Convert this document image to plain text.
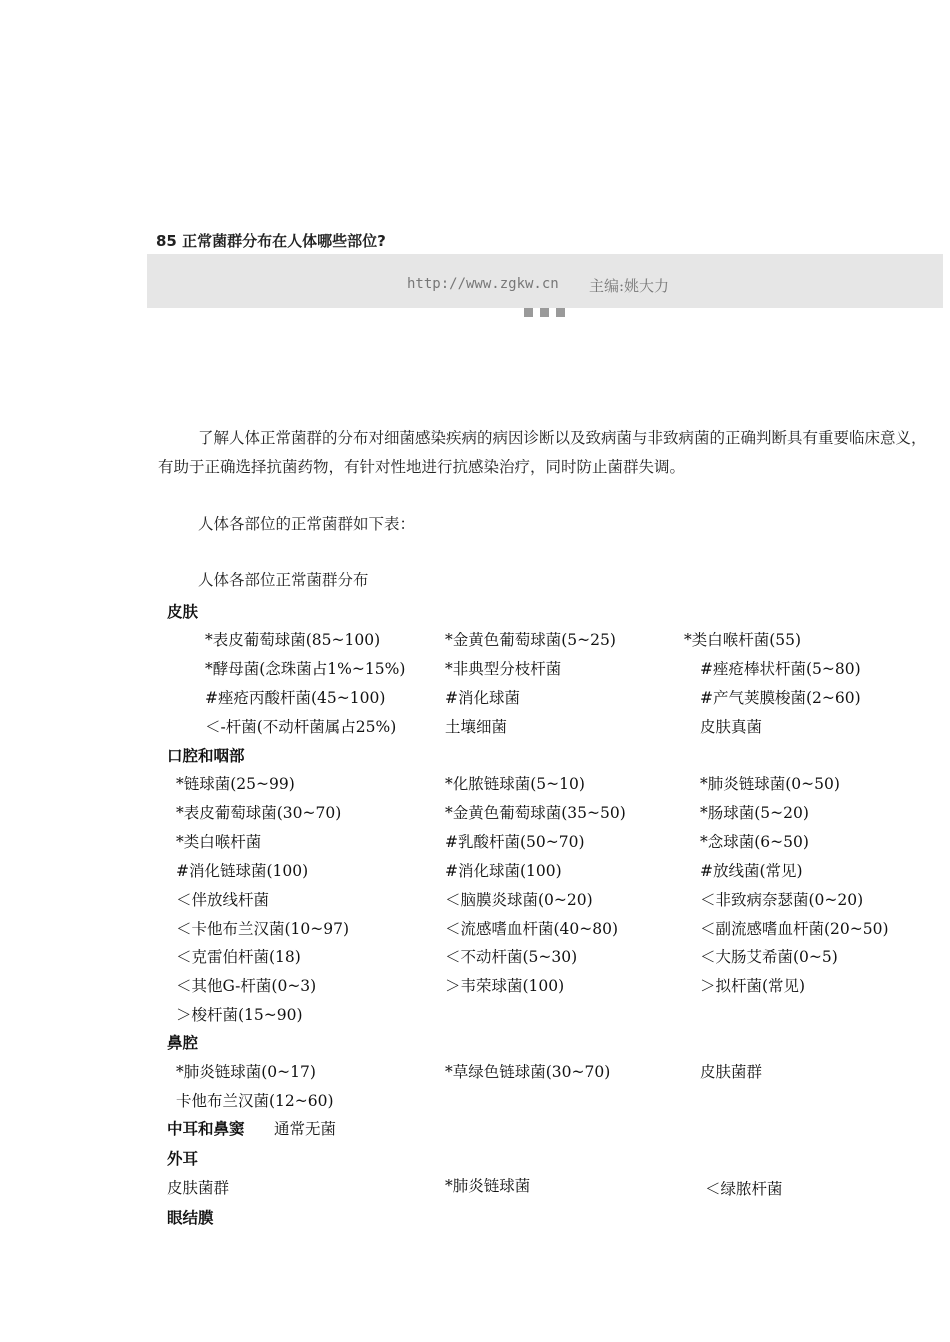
85 正常菌群分布在人体哪些部位?
http://www.zgkw.cn 主编:姚大力
了解人体正常菌群的分布对细菌感染疾病的病因诊断以及致病菌与非致病菌的正确判断具有重要临床意义，有助于正确选择抗菌药物，有针对性地进行抗感染治疗，同时防止菌群失调。
人体各部位的正常菌群如下表：
人体各部位正常菌群分布
皮肤
*表皮葡萄球菌(85~100)	*金黄色葡萄球菌(5~25)	*类白喉杆菌(55)
*酵母菌(念珠菌占1%~15%)	*非典型分枝杆菌	#痤疮棒状杆菌(5~80)
#痤疮丙酸杆菌(45~100)	#消化球菌	#产气荚膜梭菌(2~60)
＜-杆菌(不动杆菌属占25%)	土壤细菌	皮肤真菌
口腔和咽部
*链球菌(25~99)	*化脓链球菌(5~10)	*肺炎链球菌(0~50)
*表皮葡萄球菌(30~70)	*金黄色葡萄球菌(35~50)	*肠球菌(5~20)
*类白喉杆菌	#乳酸杆菌(50~70)	*念球菌(6~50)
#消化链球菌(100)	#消化球菌(100)	#放线菌(常见)
＜伴放线杆菌	＜脑膜炎球菌(0~20)	＜非致病奈瑟菌(0~20)
＜卡他布兰汉菌(10~97)	＜流感嗜血杆菌(40~80)	＜副流感嗜血杆菌(20~50)
＜克雷伯杆菌(18)	＜不动杆菌(5~30)	＜大肠艾希菌(0~5)
＜其他G-杆菌(0~3)	＞韦荣球菌(100)	＞拟杆菌(常见)
＞梭杆菌(15~90)
鼻腔
*肺炎链球菌(0~17)	*草绿色链球菌(30~70)	皮肤菌群
卡他布兰汉菌(12~60)
中耳和鼻窦 通常无菌
外耳
皮肤菌群	*肺炎链球菌	＜绿脓杆菌
眼结膜
